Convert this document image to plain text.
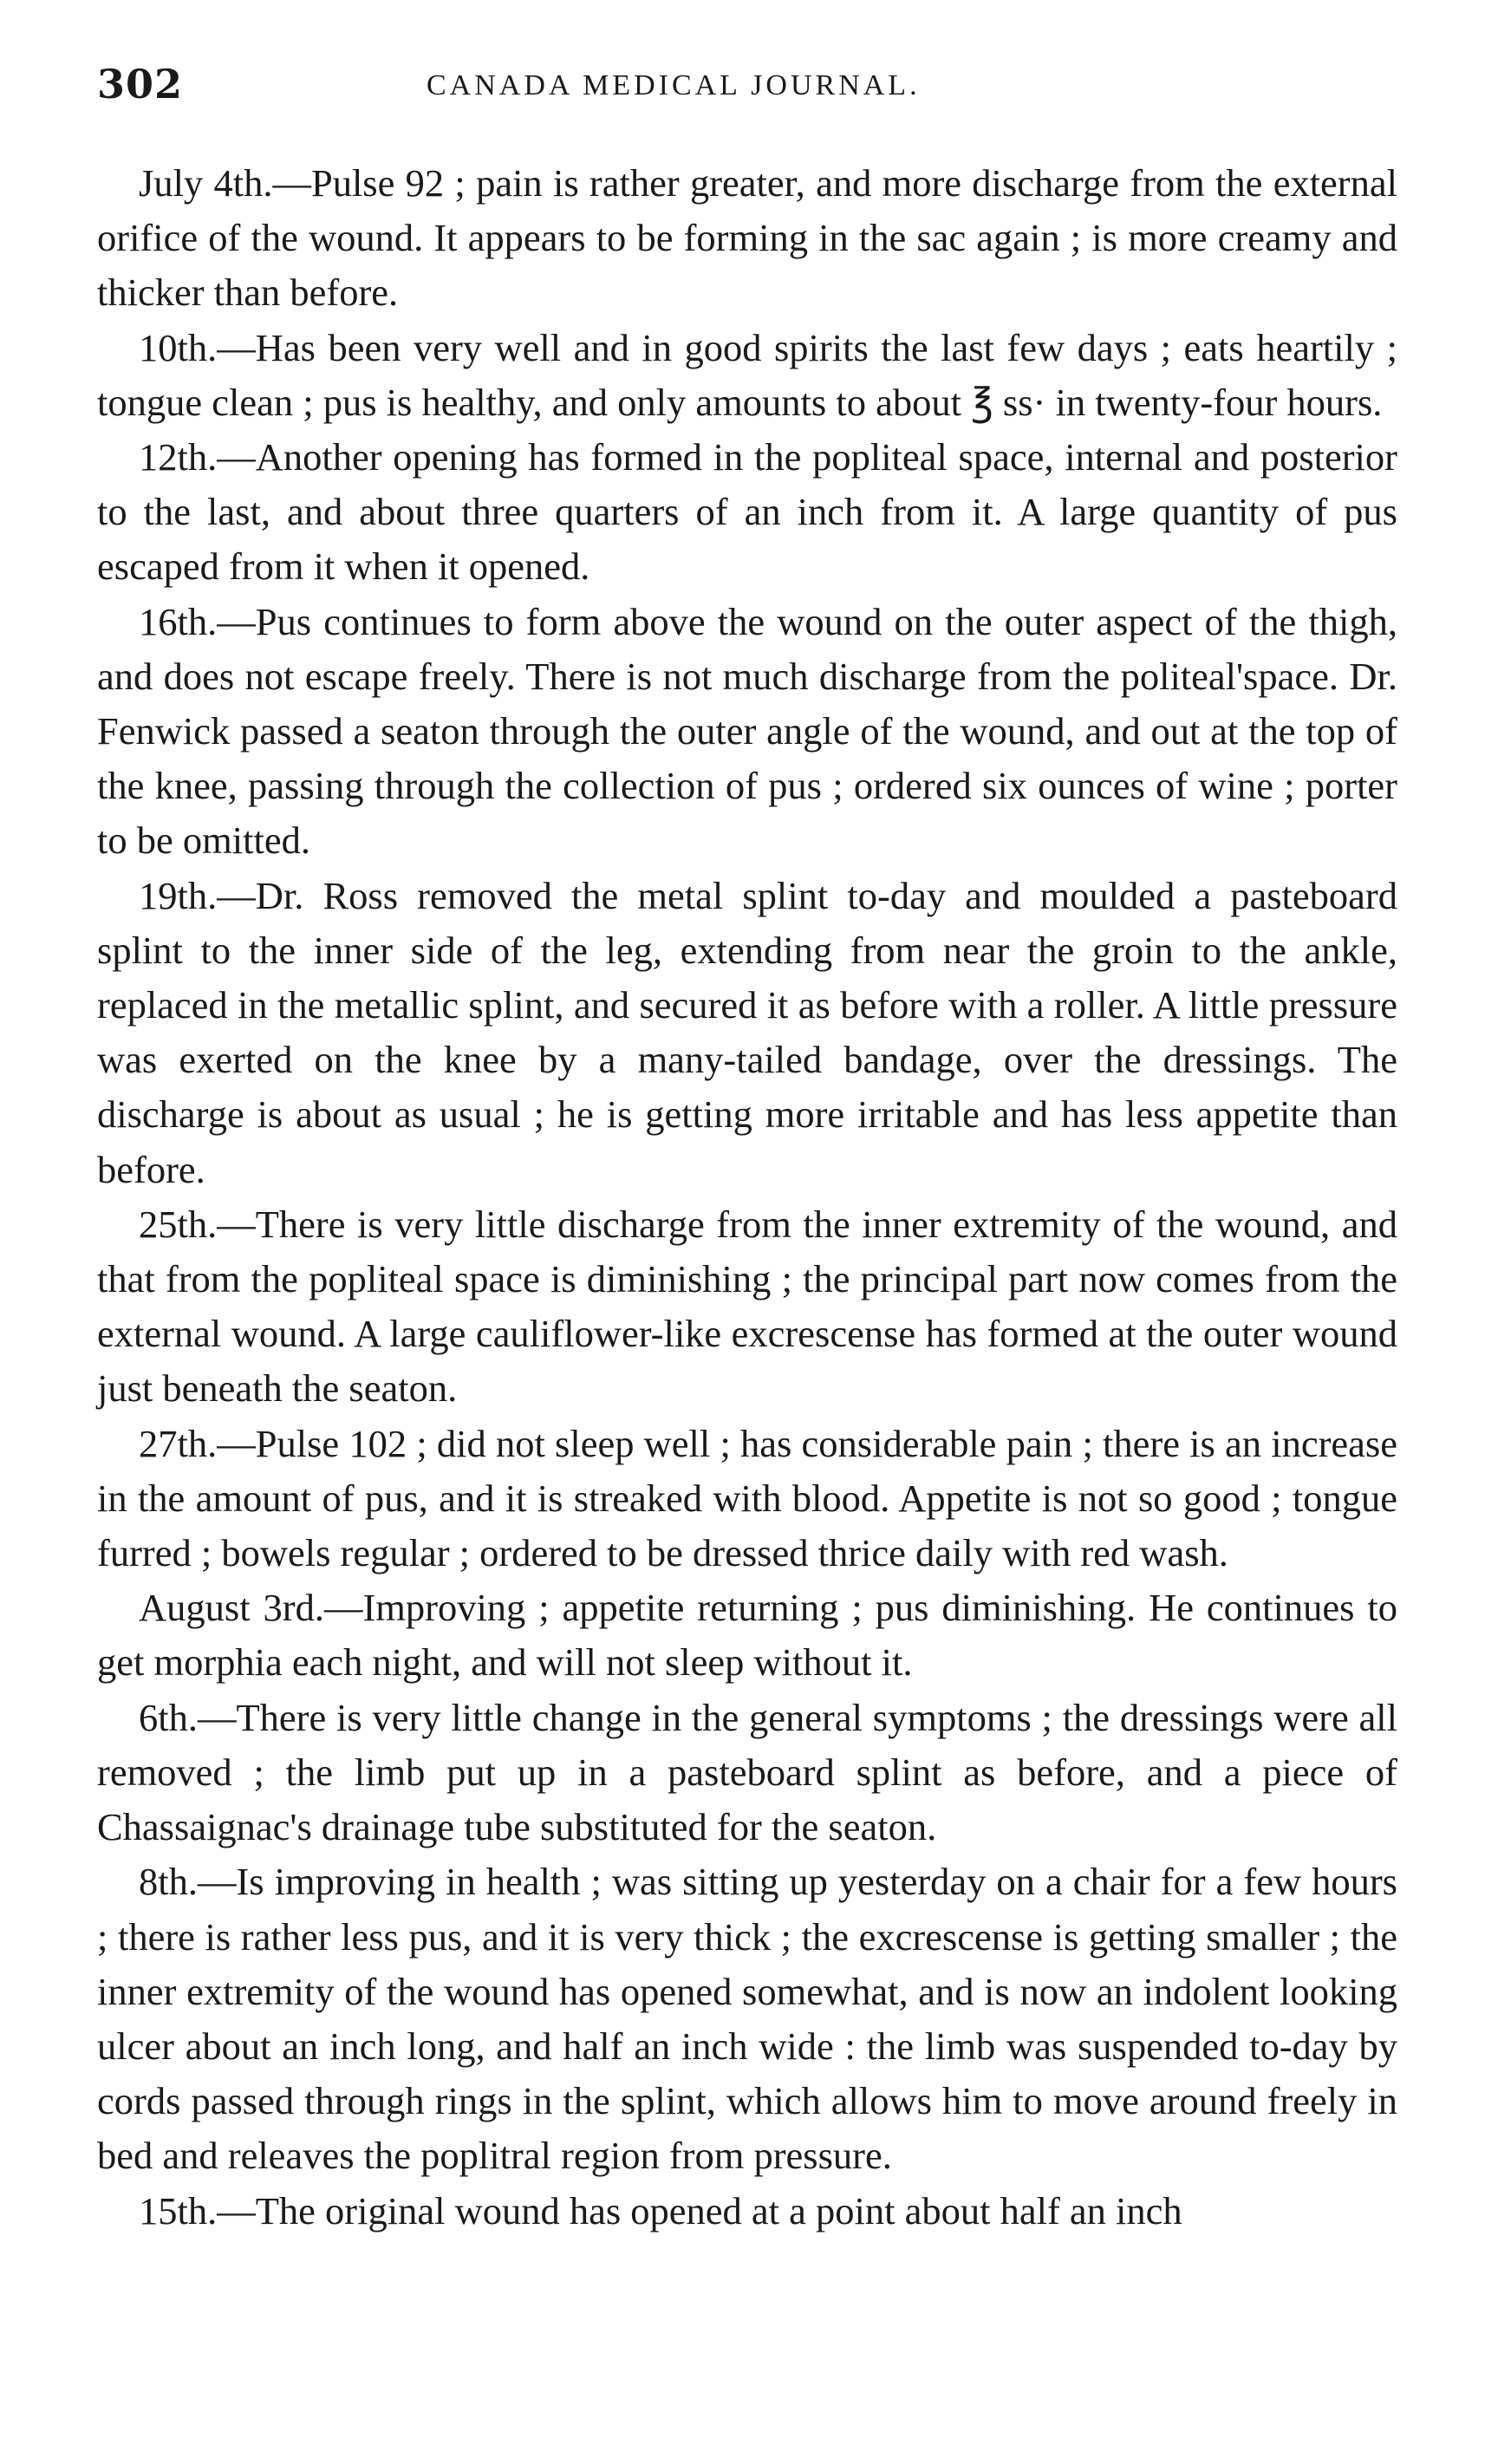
302	CANADA MEDICAL JOURNAL.

July 4th.—Pulse 92 ; pain is rather greater, and more discharge from the external orifice of the wound. It appears to be forming in the sac again ; is more creamy and thicker than before.

10th.—Has been very well and in good spirits the last few days ; eats heartily ; tongue clean ; pus is healthy, and only amounts to about ℥ ss· in twenty-four hours.

12th.—Another opening has formed in the popliteal space, internal and posterior to the last, and about three quarters of an inch from it. A large quantity of pus escaped from it when it opened.

16th.—Pus continues to form above the wound on the outer aspect of the thigh, and does not escape freely. There is not much discharge from the politeal'space. Dr. Fenwick passed a seaton through the outer angle of the wound, and out at the top of the knee, passing through the collection of pus ; ordered six ounces of wine ; porter to be omitted.

19th.—Dr. Ross removed the metal splint to-day and moulded a pasteboard splint to the inner side of the leg, extending from near the groin to the ankle, replaced in the metallic splint, and secured it as before with a roller. A little pressure was exerted on the knee by a many-tailed bandage, over the dressings. The discharge is about as usual ; he is getting more irritable and has less appetite than before.

25th.—There is very little discharge from the inner extremity of the wound, and that from the popliteal space is diminishing ; the principal part now comes from the external wound. A large cauliflower-like excrescense has formed at the outer wound just beneath the seaton.

27th.—Pulse 102 ; did not sleep well ; has considerable pain ; there is an increase in the amount of pus, and it is streaked with blood. Appetite is not so good ; tongue furred ; bowels regular ; ordered to be dressed thrice daily with red wash.

August 3rd.—Improving ; appetite returning ; pus diminishing. He continues to get morphia each night, and will not sleep without it.

6th.—There is very little change in the general symptoms ; the dressings were all removed ; the limb put up in a pasteboard splint as before, and a piece of Chassaignac's drainage tube substituted for the seaton.

8th.—Is improving in health ; was sitting up yesterday on a chair for a few hours ; there is rather less pus, and it is very thick ; the excrescense is getting smaller ; the inner extremity of the wound has opened somewhat, and is now an indolent looking ulcer about an inch long, and half an inch wide : the limb was suspended to-day by cords passed through rings in the splint, which allows him to move around freely in bed and releaves the poplitral region from pressure.

15th.—The original wound has opened at a point about half an inch
